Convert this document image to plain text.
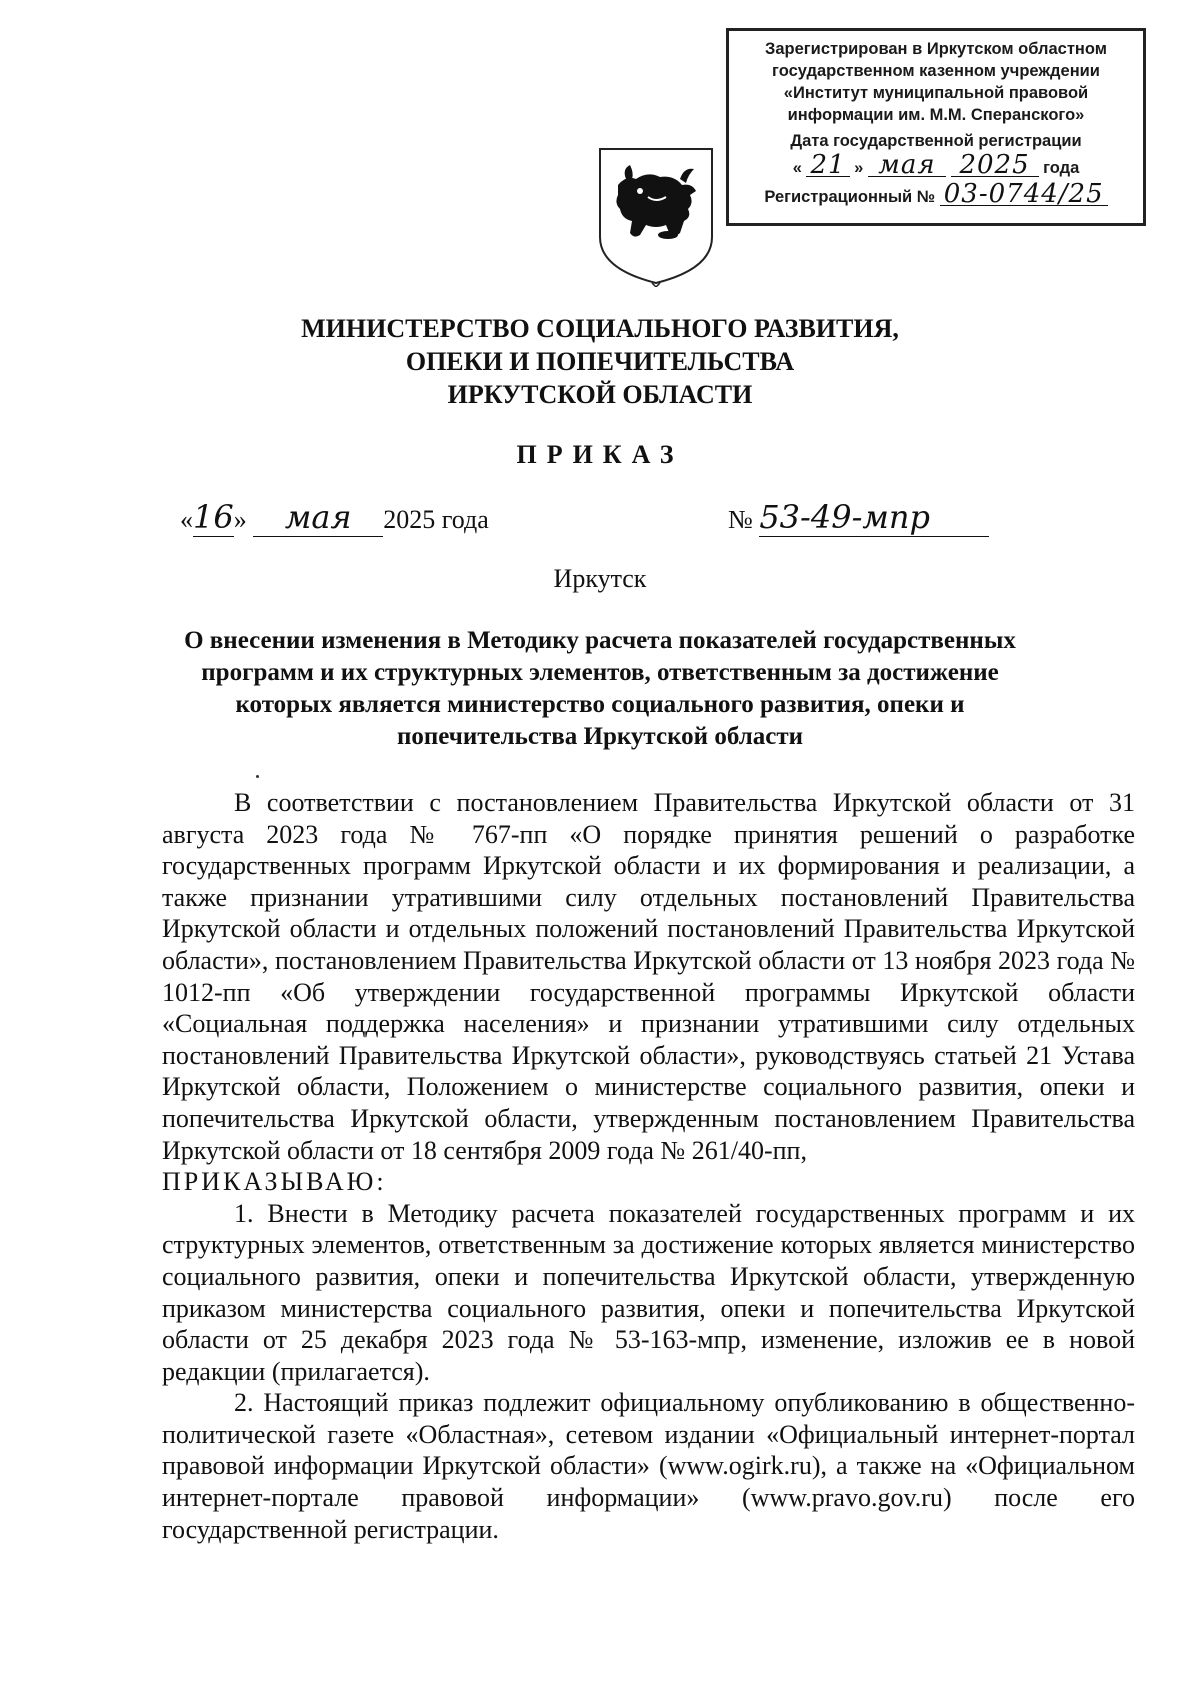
Зарегистрирован в Иркутском областном
государственном казенном учреждении
«Институт муниципальной правовой
информации им. М.М. Сперанского»
Дата государственной регистрации
« 21 » мая 2025 года
Регистрационный № 03-0744/25
МИНИСТЕРСТВО СОЦИАЛЬНОГО РАЗВИТИЯ,
ОПЕКИ И ПОПЕЧИТЕЛЬСТВА
ИРКУТСКОЙ ОБЛАСТИ
ПРИКАЗ
«16» мая 2025 года	№ 53-49-мпр
Иркутск
О внесении изменения в Методику расчета показателей государственных
программ и их структурных элементов, ответственным за достижение
которых является министерство социального развития, опеки и
попечительства Иркутской области

В соответствии с постановлением Правительства Иркутской области от 31 августа 2023 года № 767-пп «О порядке принятия решений о разработке государственных программ Иркутской области и их формирования и реализации, а также признании утратившими силу отдельных постановлений Правительства Иркутской области и отдельных положений постановлений Правительства Иркутской области», постановлением Правительства Иркутской области от 13 ноября 2023 года № 1012-пп «Об утверждении государственной программы Иркутской области «Социальная поддержка населения» и признании утратившими силу отдельных постановлений Правительства Иркутской области», руководствуясь статьей 21 Устава Иркутской области, Положением о министерстве социального развития, опеки и попечительства Иркутской области, утвержденным постановлением Правительства Иркутской области от 18 сентября 2009 года № 261/40-пп,

ПРИКАЗЫВАЮ:

1. Внести в Методику расчета показателей государственных программ и их структурных элементов, ответственным за достижение которых является министерство социального развития, опеки и попечительства Иркутской области, утвержденную приказом министерства социального развития, опеки и попечительства Иркутской области от 25 декабря 2023 года № 53-163-мпр, изменение, изложив ее в новой редакции (прилагается).

2. Настоящий приказ подлежит официальному опубликованию в общественно-политической газете «Областная», сетевом издании «Официальный интернет-портал правовой информации Иркутской области» (www.ogirk.ru), а также на «Официальном интернет-портале правовой информации» (www.pravo.gov.ru) после его государственной регистрации.
